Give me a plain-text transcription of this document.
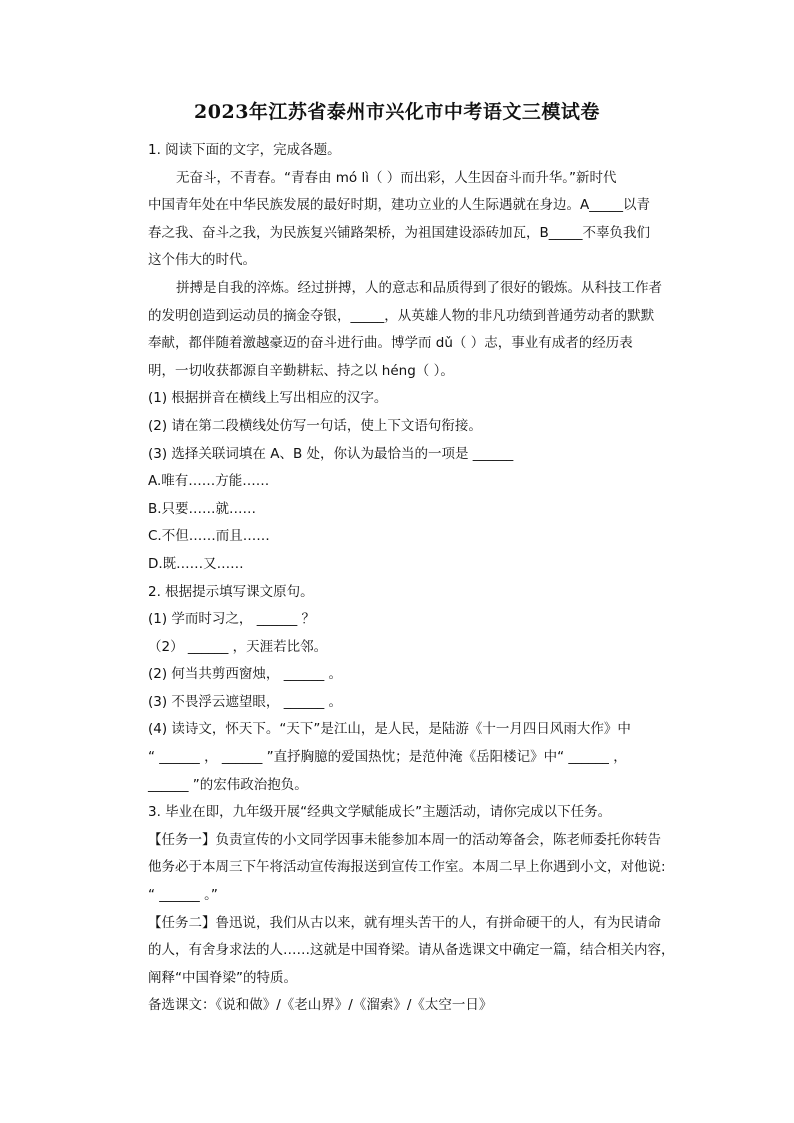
2023年江苏省泰州市兴化市中考语文三模试卷
1. 阅读下面的文字，完成各题。
无奋斗，不青春。“青春由 mó lì（ ）而出彩，人生因奋斗而升华。”新时代
中国青年处在中华民族发展的最好时期，建功立业的人生际遇就在身边。A_____以青
春之我、奋斗之我，为民族复兴铺路架桥，为祖国建设添砖加瓦，B_____不辜负我们
这个伟大的时代。
拼搏是自我的淬炼。经过拼搏，人的意志和品质得到了很好的锻炼。从科技工作者
的发明创造到运动员的摘金夺银，_____，从英雄人物的非凡功绩到普通劳动者的默默
奉献，都伴随着激越豪迈的奋斗进行曲。博学而 dǔ（ ）志，事业有成者的经历表
明，一切收获都源自辛勤耕耘、持之以 héng（ ）。
(1) 根据拼音在横线上写出相应的汉字。
(2) 请在第二段横线处仿写一句话，使上下文语句衔接。
(3) 选择关联词填在 A、B 处，你认为最恰当的一项是 ______
A.唯有……方能……
B.只要……就……
C.不但……而且……
D.既……又……
2. 根据提示填写课文原句。
(1) 学而时习之， ______ ？
（2） ______ ，天涯若比邻。
(2) 何当共剪西窗烛， ______ 。
(3) 不畏浮云遮望眼， ______ 。
(4) 读诗文，怀天下。“天下”是江山，是人民，是陆游《十一月四日风雨大作》中
“ ______ ， ______ ”直抒胸臆的爱国热忱；是范仲淹《岳阳楼记》中“ ______ ，
______ ”的宏伟政治抱负。
3. 毕业在即，九年级开展“经典文学赋能成长”主题活动，请你完成以下任务。
【任务一】负责宣传的小文同学因事未能参加本周一的活动筹备会，陈老师委托你转告
他务必于本周三下午将活动宣传海报送到宣传工作室。本周二早上你遇到小文，对他说:
“ ______ 。”
【任务二】鲁迅说，我们从古以来，就有埋头苦干的人，有拼命硬干的人，有为民请命
的人，有舍身求法的人……这就是中国脊梁。请从备选课文中确定一篇，结合相关内容，
阐释“中国脊梁”的特质。
备选课文：《说和做》/《老山界》/《溜索》/《太空一日》
